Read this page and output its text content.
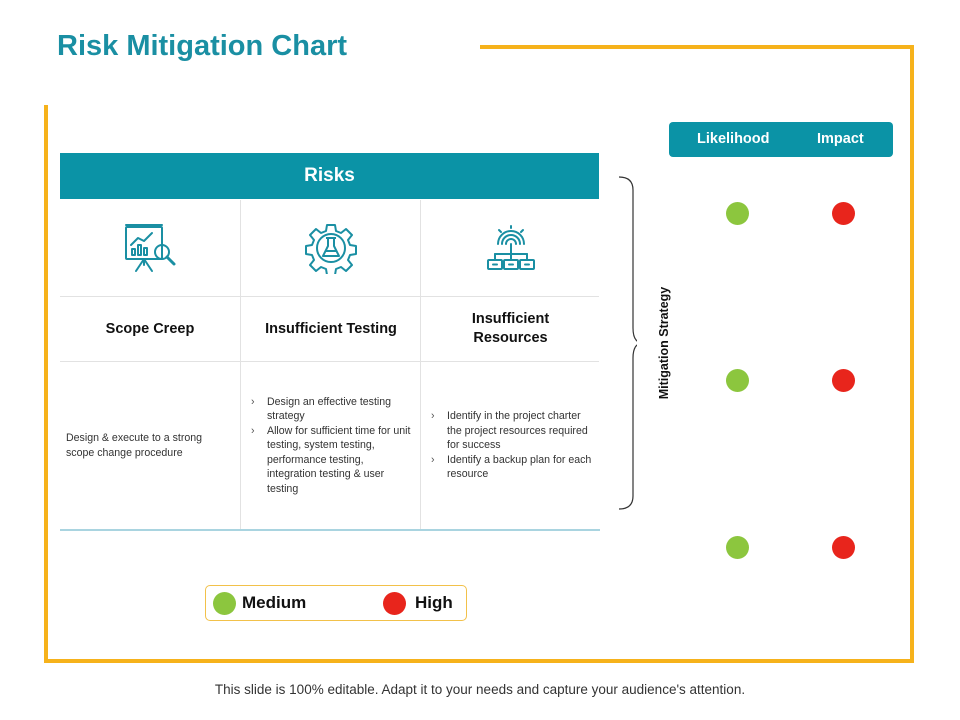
Risk Mitigation Chart
Risks
Scope Creep
Design & execute to a strong scope change procedure
Insufficient Testing
› Design an effective testing strategy
› Allow for sufficient time for unit testing, system testing, performance testing, integration testing & user testing
Insufficient Resources
› Identify in the project charter the project resources required for success
› Identify a backup plan for each resource
Mitigation Strategy
Likelihood	Impact
Medium	High
This slide is 100% editable. Adapt it to your needs and capture your audience's attention.
